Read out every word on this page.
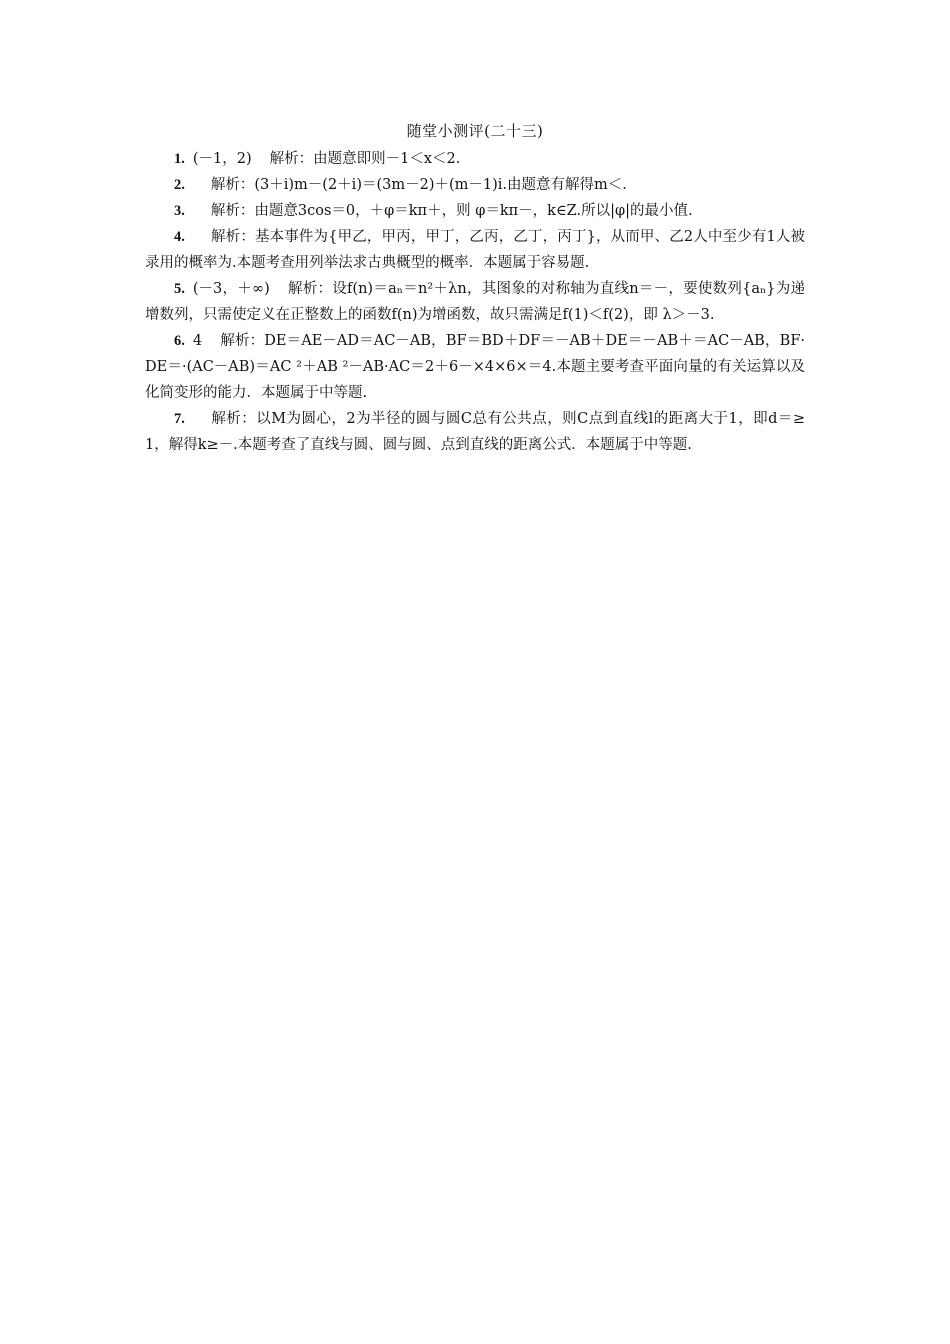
随堂小测评(二十三)

1. (－1，2) 解析：由题意即则－1＜x＜2.

2. 解析：(3＋i)m－(2＋i)＝(3m－2)＋(m－1)i.由题意有解得m＜.

3. 解析：由题意3cos＝0，＋φ＝kπ＋，则 φ＝kπ－，k∈Z.所以|φ|的最小值.

4. 解析：基本事件为{甲乙，甲丙，甲丁，乙丙，乙丁，丙丁}，从而甲、乙2人中至少有1人被录用的概率为.本题考查用列举法求古典概型的概率．本题属于容易题.

5. (－3，＋∞) 解析：设f(n)＝aₙ＝n²＋λn，其图象的对称轴为直线n＝－，要使数列{aₙ}为递增数列，只需使定义在正整数上的函数f(n)为增函数，故只需满足f(1)＜f(2)，即 λ＞－3.

6. 4 解析：DE＝AE－AD＝AC－AB，BF＝BD＋DF＝－AB＋DE＝－AB＋＝AC－AB，BF·DE＝·(AC－AB)＝AC ²＋AB ²－AB·AC＝2＋6－×4×6×＝4.本题主要考查平面向量的有关运算以及化简变形的能力．本题属于中等题.

7. 解析：以M为圆心，2为半径的圆与圆C总有公共点，则C点到直线l的距离大于1，即d＝≥1，解得k≥－.本题考查了直线与圆、圆与圆、点到直线的距离公式．本题属于中等题.
